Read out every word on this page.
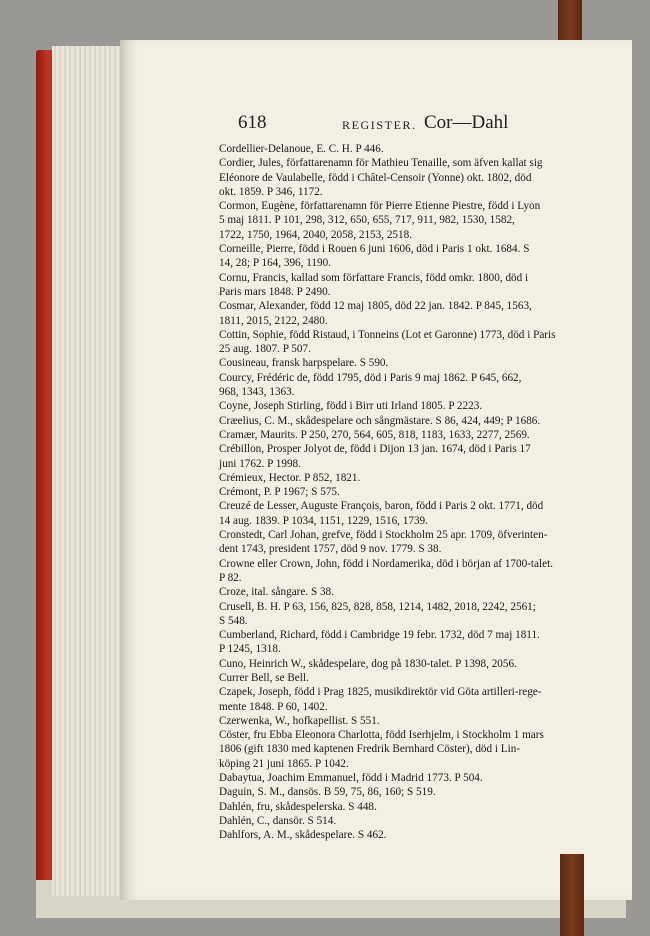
618	REGISTER. Cor—Dahl
Cordellier-Delanoue, E. C. H. P 446.
Cordier, Jules, författarenamn för Mathieu Tenaille, som äfven kallat sig
Eléonore de Vaulabelle, född i Châtel-Censoir (Yonne) okt. 1802, död
okt. 1859. P 346, 1172.
Cormon, Eugène, författarenamn för Pierre Etienne Piestre, född i Lyon
5 maj 1811. P 101, 298, 312, 650, 655, 717, 911, 982, 1530, 1582,
1722, 1750, 1964, 2040, 2058, 2153, 2518.
Corneille, Pierre, född i Rouen 6 juni 1606, död i Paris 1 okt. 1684. S
14, 28; P 164, 396, 1190.
Cornu, Francis, kallad som författare Francis, född omkr. 1800, död i
Paris mars 1848. P 2490.
Cosmar, Alexander, född 12 maj 1805, död 22 jan. 1842. P 845, 1563,
1811, 2015, 2122, 2480.
Cottin, Sophie, född Ristaud, i Tonneins (Lot et Garonne) 1773, död i Paris
25 aug. 1807. P 507.
Cousineau, fransk harpspelare. S 590.
Courcy, Frédéric de, född 1795, död i Paris 9 maj 1862. P 645, 662,
968, 1343, 1363.
Coyne, Joseph Stirling, född i Birr uti Irland 1805. P 2223.
Cræelius, C. M., skådespelare och sångmästare. S 86, 424, 449; P 1686.
Cramær, Maurits. P 250, 270, 564, 605, 818, 1183, 1633, 2277, 2569.
Crébillon, Prosper Jolyot de, född i Dijon 13 jan. 1674, död i Paris 17
juni 1762. P 1998.
Crémieux, Hector. P 852, 1821.
Crémont, P. P 1967; S 575.
Creuzé de Lesser, Auguste François, baron, född i Paris 2 okt. 1771, död
14 aug. 1839. P 1034, 1151, 1229, 1516, 1739.
Cronstedt, Carl Johan, grefve, född i Stockholm 25 apr. 1709, öfverinten-
dent 1743, president 1757, död 9 nov. 1779. S 38.
Crowne eller Crown, John, född i Nordamerika, död i början af 1700-talet.
P 82.
Croze, ital. sångare. S 38.
Crusell, B. H. P 63, 156, 825, 828, 858, 1214, 1482, 2018, 2242, 2561;
S 548.
Cumberland, Richard, född i Cambridge 19 febr. 1732, död 7 maj 1811.
P 1245, 1318.
Cuno, Heinrich W., skådespelare, dog på 1830-talet. P 1398, 2056.
Currer Bell, se Bell.
Czapek, Joseph, född i Prag 1825, musikdirektör vid Göta artilleri-rege-
mente 1848. P 60, 1402.
Czerwenka, W., hofkapellist. S 551.
Cöster, fru Ebba Eleonora Charlotta, född Iserhjelm, i Stockholm 1 mars
1806 (gift 1830 med kaptenen Fredrik Bernhard Cöster), död i Lin-
köping 21 juni 1865. P 1042.
Dabaytua, Joachim Emmanuel, född i Madrid 1773. P 504.
Daguin, S. M., dansös. B 59, 75, 86, 160; S 519.
Dahlén, fru, skådespelerska. S 448.
Dahlén, C., dansör. S 514.
Dahlfors, A. M., skådespelare. S 462.
